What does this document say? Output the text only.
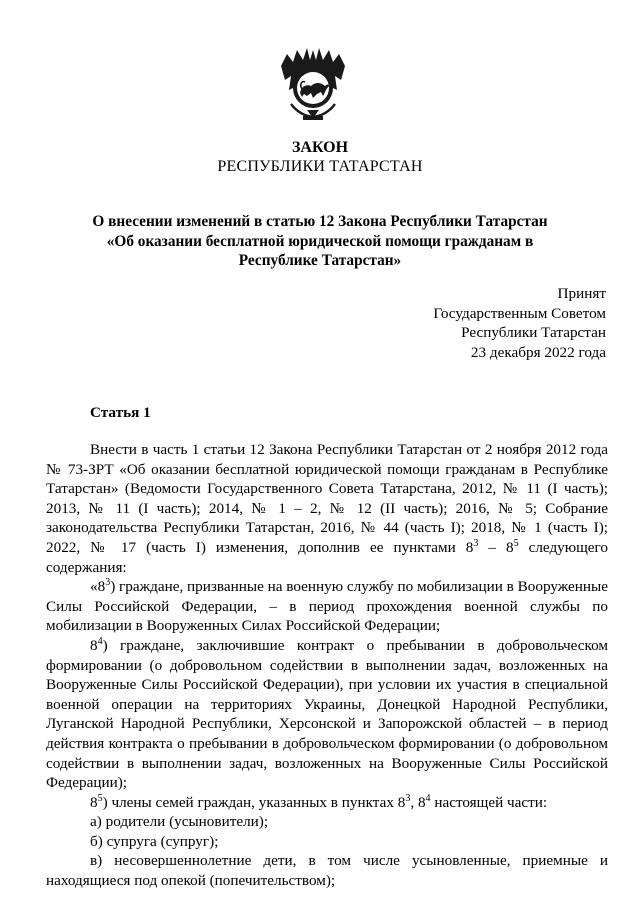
ЗАКОН
РЕСПУБЛИКИ ТАТАРСТАН
О внесении изменений в статью 12 Закона Республики Татарстан «Об оказании бесплатной юридической помощи гражданам в Республике Татарстан»
Принят
Государственным Советом
Республики Татарстан
23 декабря 2022 года
Статья 1

Внести в часть 1 статьи 12 Закона Республики Татарстан от 2 ноября 2012 года № 73-ЗРТ «Об оказании бесплатной юридической помощи гражданам в Республике Татарстан» (Ведомости Государственного Совета Татарстана, 2012, № 11 (I часть); 2013, № 11 (I часть); 2014, № 1 – 2, № 12 (II часть); 2016, № 5; Собрание законодательства Республики Татарстан, 2016, № 44 (часть I); 2018, № 1 (часть I); 2022, № 17 (часть I) изменения, дополнив ее пунктами $8^3 - 8^5$ следующего содержания:

«$8^3$) граждане, призванные на военную службу по мобилизации в Вооруженные Силы Российской Федерации, – в период прохождения военной службы по мобилизации в Вооруженных Силах Российской Федерации;

$8^4$) граждане, заключившие контракт о пребывании в добровольческом формировании (о добровольном содействии в выполнении задач, возложенных на Вооруженные Силы Российской Федерации), при условии их участия в специальной военной операции на территориях Украины, Донецкой Народной Республики, Луганской Народной Республики, Херсонской и Запорожской областей – в период действия контракта о пребывании в добровольческом формировании (о добровольном содействии в выполнении задач, возложенных на Вооруженные Силы Российской Федерации);

$8^5$) члены семей граждан, указанных в пунктах $8^3$, $8^4$ настоящей части:

а) родители (усыновители);

б) супруга (супруг);

в) несовершеннолетние дети, в том числе усыновленные, приемные и находящиеся под опекой (попечительством);
